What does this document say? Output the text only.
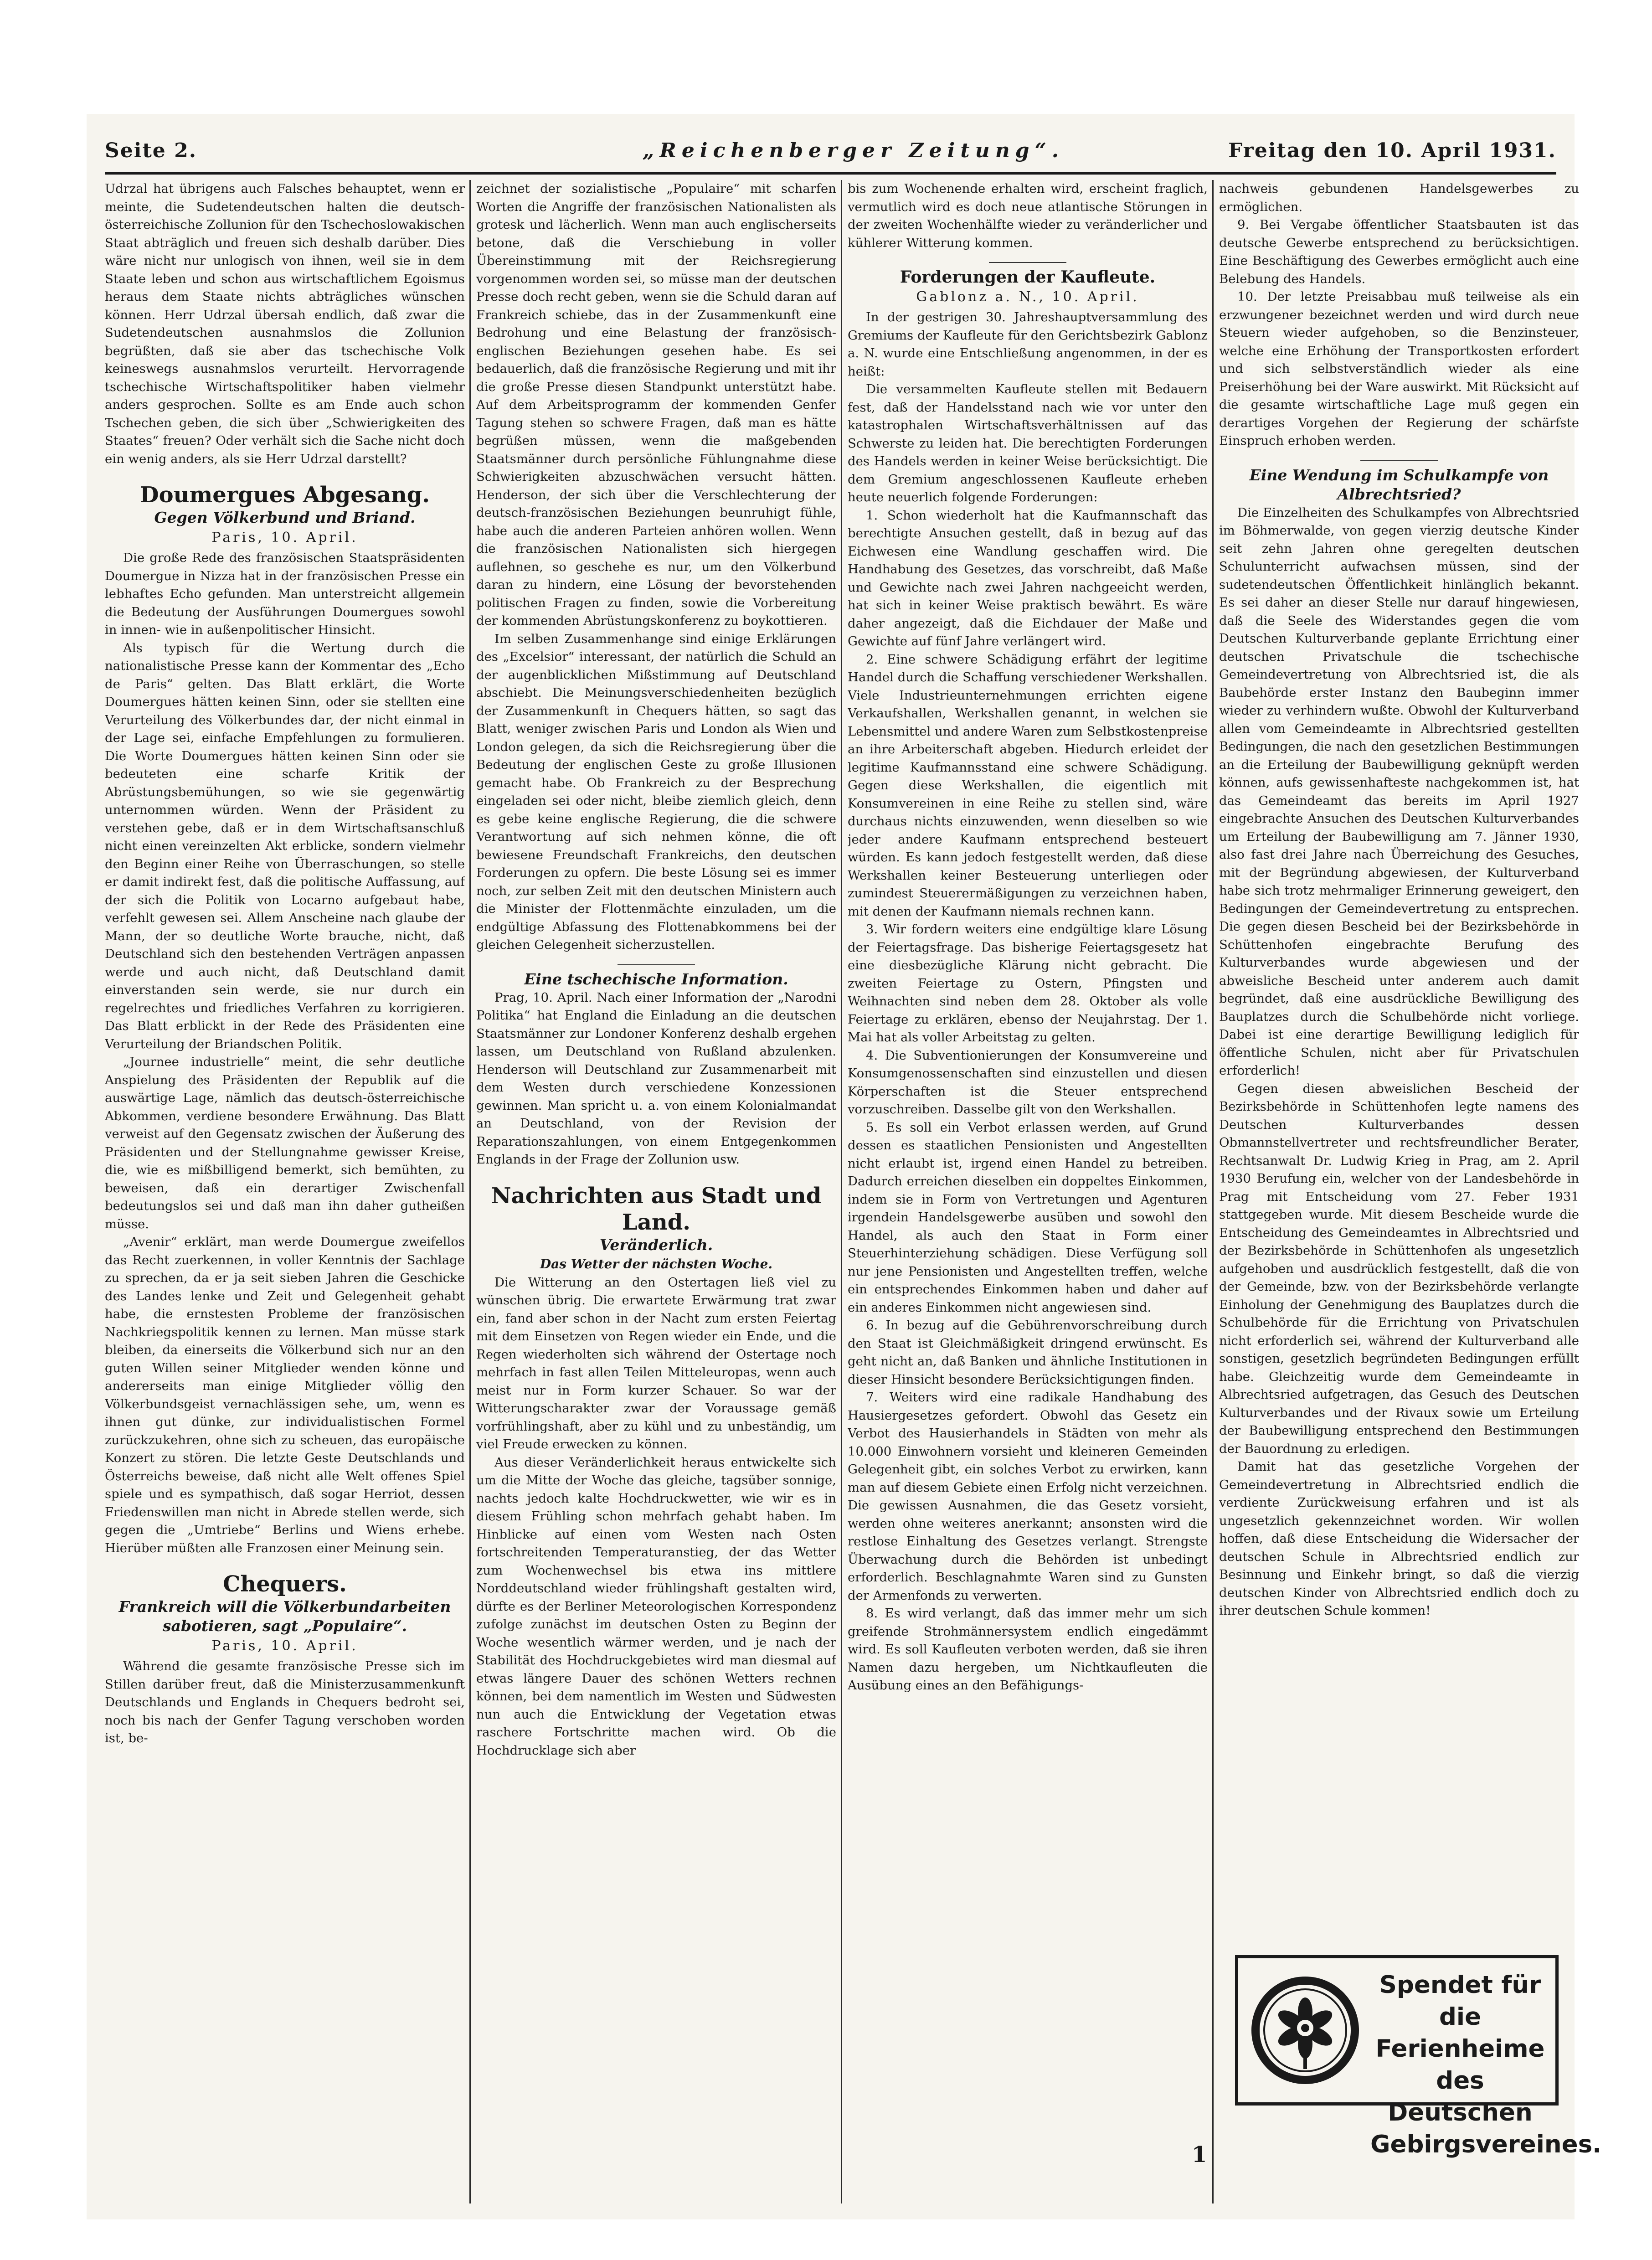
Seite 2.	„Reichenberger Zeitung“.	Freitag den 10. April 1931.

Udrzal hat übrigens auch Falsches behauptet, wenn er meinte, die Sudetendeutschen halten die deutsch-österreichische Zollunion für den Tschechoslowakischen Staat abträglich und freuen sich deshalb darüber. Dies wäre nicht nur unlogisch von ihnen, weil sie in dem Staate leben und schon aus wirtschaftlichem Egoismus heraus dem Staate nichts abträgliches wünschen können. Herr Udrzal übersah endlich, daß zwar die Sudetendeutschen ausnahmslos die Zollunion begrüßten, daß sie aber das tschechische Volk keineswegs ausnahmslos verurteilt. Hervorragende tschechische Wirtschaftspolitiker haben vielmehr anders gesprochen. Sollte es am Ende auch schon Tschechen geben, die sich über „Schwierigkeiten des Staates“ freuen? Oder verhält sich die Sache nicht doch ein wenig anders, als sie Herr Udrzal darstellt?

Doumergues Abgesang.
Gegen Völkerbund und Briand.
Paris, 10. April.

Die große Rede des französischen Staatspräsidenten Doumergue in Nizza hat in der französischen Presse ein lebhaftes Echo gefunden. Man unterstreicht allgemein die Bedeutung der Ausführungen Doumergues sowohl in innen- wie in außenpolitischer Hinsicht.

Als typisch für die Wertung durch die nationalistische Presse kann der Kommentar des „Echo de Paris“ gelten. Das Blatt erklärt, die Worte Doumergues hätten keinen Sinn, oder sie stellten eine Verurteilung des Völkerbundes dar, der nicht einmal in der Lage sei, einfache Empfehlungen zu formulieren. Die Worte Doumergues hätten keinen Sinn oder sie bedeuteten eine scharfe Kritik der Abrüstungsbemühungen, so wie sie gegenwärtig unternommen würden. Wenn der Präsident zu verstehen gebe, daß er in dem Wirtschaftsanschluß nicht einen vereinzelten Akt erblicke, sondern vielmehr den Beginn einer Reihe von Überraschungen, so stelle er damit indirekt fest, daß die politische Auffassung, auf der sich die Politik von Locarno aufgebaut habe, verfehlt gewesen sei. Allem Anscheine nach glaube der Mann, der so deutliche Worte brauche, nicht, daß Deutschland sich den bestehenden Verträgen anpassen werde und auch nicht, daß Deutschland damit einverstanden sein werde, sie nur durch ein regelrechtes und friedliches Verfahren zu korrigieren. Das Blatt erblickt in der Rede des Präsidenten eine Verurteilung der Briandschen Politik.

„Journee industrielle“ meint, die sehr deutliche Anspielung des Präsidenten der Republik auf die auswärtige Lage, nämlich das deutsch-österreichische Abkommen, verdiene besondere Erwähnung. Das Blatt verweist auf den Gegensatz zwischen der Äußerung des Präsidenten und der Stellungnahme gewisser Kreise, die, wie es mißbilligend bemerkt, sich bemühten, zu beweisen, daß ein derartiger Zwischenfall bedeutungslos sei und daß man ihn daher gutheißen müsse.

„Avenir“ erklärt, man werde Doumergue zweifellos das Recht zuerkennen, in voller Kenntnis der Sachlage zu sprechen, da er ja seit sieben Jahren die Geschicke des Landes lenke und Zeit und Gelegenheit gehabt habe, die ernstesten Probleme der französischen Nachkriegspolitik kennen zu lernen. Man müsse stark bleiben, da einerseits die Völkerbund sich nur an den guten Willen seiner Mitglieder wenden könne und andererseits man einige Mitglieder völlig den Völkerbundsgeist vernachlässigen sehe, um, wenn es ihnen gut dünke, zur individualistischen Formel zurückzukehren, ohne sich zu scheuen, das europäische Konzert zu stören. Die letzte Geste Deutschlands und Österreichs beweise, daß nicht alle Welt offenes Spiel spiele und es sympathisch, daß sogar Herriot, dessen Friedenswillen man nicht in Abrede stellen werde, sich gegen die „Umtriebe“ Berlins und Wiens erhebe. Hierüber müßten alle Franzosen einer Meinung sein.

Chequers.
Frankreich will die Völkerbundarbeiten sabotieren, sagt „Populaire“.
Paris, 10. April.

Während die gesamte französische Presse sich im Stillen darüber freut, daß die Ministerzusammenkunft Deutschlands und Englands in Chequers bedroht sei, noch bis nach der Genfer Tagung verschoben worden ist, be-

zeichnet der sozialistische „Populaire“ mit scharfen Worten die Angriffe der französischen Nationalisten als grotesk und lächerlich. Wenn man auch englischerseits betone, daß die Verschiebung in voller Übereinstimmung mit der Reichsregierung vorgenommen worden sei, so müsse man der deutschen Presse doch recht geben, wenn sie die Schuld daran auf Frankreich schiebe, das in der Zusammenkunft eine Bedrohung und eine Belastung der französisch-englischen Beziehungen gesehen habe. Es sei bedauerlich, daß die französische Regierung und mit ihr die große Presse diesen Standpunkt unterstützt habe. Auf dem Arbeitsprogramm der kommenden Genfer Tagung stehen so schwere Fragen, daß man es hätte begrüßen müssen, wenn die maßgebenden Staatsmänner durch persönliche Fühlungnahme diese Schwierigkeiten abzuschwächen versucht hätten. Henderson, der sich über die Verschlechterung der deutsch-französischen Beziehungen beunruhigt fühle, habe auch die anderen Parteien anhören wollen. Wenn die französischen Nationalisten sich hiergegen auflehnen, so geschehe es nur, um den Völkerbund daran zu hindern, eine Lösung der bevorstehenden politischen Fragen zu finden, sowie die Vorbereitung der kommenden Abrüstungskonferenz zu boykottieren.

Im selben Zusammenhange sind einige Erklärungen des „Excelsior“ interessant, der natürlich die Schuld an der augenblicklichen Mißstimmung auf Deutschland abschiebt. Die Meinungsverschiedenheiten bezüglich der Zusammenkunft in Chequers hätten, so sagt das Blatt, weniger zwischen Paris und London als Wien und London gelegen, da sich die Reichsregierung über die Bedeutung der englischen Geste zu große Illusionen gemacht habe. Ob Frankreich zu der Besprechung eingeladen sei oder nicht, bleibe ziemlich gleich, denn es gebe keine englische Regierung, die die schwere Verantwortung auf sich nehmen könne, die oft bewiesene Freundschaft Frankreichs, den deutschen Forderungen zu opfern. Die beste Lösung sei es immer noch, zur selben Zeit mit den deutschen Ministern auch die Minister der Flottenmächte einzuladen, um die endgültige Abfassung des Flottenabkommens bei der gleichen Gelegenheit sicherzustellen.

Eine tschechische Information.

Prag, 10. April. Nach einer Information der „Narodni Politika“ hat England die Einladung an die deutschen Staatsmänner zur Londoner Konferenz deshalb ergehen lassen, um Deutschland von Rußland abzulenken. Henderson will Deutschland zur Zusammenarbeit mit dem Westen durch verschiedene Konzessionen gewinnen. Man spricht u. a. von einem Kolonialmandat an Deutschland, von der Revision der Reparationszahlungen, von einem Entgegenkommen Englands in der Frage der Zollunion usw.

Nachrichten aus Stadt und Land.
Veränderlich.
Das Wetter der nächsten Woche.

Die Witterung an den Ostertagen ließ viel zu wünschen übrig. Die erwartete Erwärmung trat zwar ein, fand aber schon in der Nacht zum ersten Feiertag mit dem Einsetzen von Regen wieder ein Ende, und die Regen wiederholten sich während der Ostertage noch mehrfach in fast allen Teilen Mitteleuropas, wenn auch meist nur in Form kurzer Schauer. So war der Witterungscharakter zwar der Voraussage gemäß vorfrühlingshaft, aber zu kühl und zu unbeständig, um viel Freude erwecken zu können.

Aus dieser Veränderlichkeit heraus entwickelte sich um die Mitte der Woche das gleiche, tagsüber sonnige, nachts jedoch kalte Hochdruckwetter, wie wir es in diesem Frühling schon mehrfach gehabt haben. Im Hinblicke auf einen vom Westen nach Osten fortschreitenden Temperaturanstieg, der das Wetter zum Wochenwechsel bis etwa ins mittlere Norddeutschland wieder frühlingshaft gestalten wird, dürfte es der Berliner Meteorologischen Korrespondenz zufolge zunächst im deutschen Osten zu Beginn der Woche wesentlich wärmer werden, und je nach der Stabilität des Hochdruckgebietes wird man diesmal auf etwas längere Dauer des schönen Wetters rechnen können, bei dem namentlich im Westen und Südwesten nun auch die Entwicklung der Vegetation etwas raschere Fortschritte machen wird. Ob die Hochdrucklage sich aber

bis zum Wochenende erhalten wird, erscheint fraglich, vermutlich wird es doch neue atlantische Störungen in der zweiten Wochenhälfte wieder zu veränderlicher und kühlerer Witterung kommen.

Forderungen der Kaufleute.
Gablonz a. N., 10. April.

In der gestrigen 30. Jahreshauptversammlung des Gremiums der Kaufleute für den Gerichtsbezirk Gablonz a. N. wurde eine Entschließung angenommen, in der es heißt:

Die versammelten Kaufleute stellen mit Bedauern fest, daß der Handelsstand nach wie vor unter den katastrophalen Wirtschaftsverhältnissen auf das Schwerste zu leiden hat. Die berechtigten Forderungen des Handels werden in keiner Weise berücksichtigt. Die dem Gremium angeschlossenen Kaufleute erheben heute neuerlich folgende Forderungen:

1. Schon wiederholt hat die Kaufmannschaft das berechtigte Ansuchen gestellt, daß in bezug auf das Eichwesen eine Wandlung geschaffen wird. Die Handhabung des Gesetzes, das vorschreibt, daß Maße und Gewichte nach zwei Jahren nachgeeicht werden, hat sich in keiner Weise praktisch bewährt. Es wäre daher angezeigt, daß die Eichdauer der Maße und Gewichte auf fünf Jahre verlängert wird.

2. Eine schwere Schädigung erfährt der legitime Handel durch die Schaffung verschiedener Werkshallen. Viele Industrieunternehmungen errichten eigene Verkaufshallen, Werkshallen genannt, in welchen sie Lebensmittel und andere Waren zum Selbstkostenpreise an ihre Arbeiterschaft abgeben. Hiedurch erleidet der legitime Kaufmannsstand eine schwere Schädigung. Gegen diese Werkshallen, die eigentlich mit Konsumvereinen in eine Reihe zu stellen sind, wäre durchaus nichts einzuwenden, wenn dieselben so wie jeder andere Kaufmann entsprechend besteuert würden. Es kann jedoch festgestellt werden, daß diese Werkshallen keiner Besteuerung unterliegen oder zumindest Steuerermäßigungen zu verzeichnen haben, mit denen der Kaufmann niemals rechnen kann.

3. Wir fordern weiters eine endgültige klare Lösung der Feiertagsfrage. Das bisherige Feiertagsgesetz hat eine diesbezügliche Klärung nicht gebracht. Die zweiten Feiertage zu Ostern, Pfingsten und Weihnachten sind neben dem 28. Oktober als volle Feiertage zu erklären, ebenso der Neujahrstag. Der 1. Mai hat als voller Arbeitstag zu gelten.

4. Die Subventionierungen der Konsumvereine und Konsumgenossenschaften sind einzustellen und diesen Körperschaften ist die Steuer entsprechend vorzuschreiben. Dasselbe gilt von den Werkshallen.

5. Es soll ein Verbot erlassen werden, auf Grund dessen es staatlichen Pensionisten und Angestellten nicht erlaubt ist, irgend einen Handel zu betreiben. Dadurch erreichen dieselben ein doppeltes Einkommen, indem sie in Form von Vertretungen und Agenturen irgendein Handelsgewerbe ausüben und sowohl den Handel, als auch den Staat in Form einer Steuerhinterziehung schädigen. Diese Verfügung soll nur jene Pensionisten und Angestellten treffen, welche ein entsprechendes Einkommen haben und daher auf ein anderes Einkommen nicht angewiesen sind.

6. In bezug auf die Gebührenvorschreibung durch den Staat ist Gleichmäßigkeit dringend erwünscht. Es geht nicht an, daß Banken und ähnliche Institutionen in dieser Hinsicht besondere Berücksichtigungen finden.

7. Weiters wird eine radikale Handhabung des Hausiergesetzes gefordert. Obwohl das Gesetz ein Verbot des Hausierhandels in Städten von mehr als 10.000 Einwohnern vorsieht und kleineren Gemeinden Gelegenheit gibt, ein solches Verbot zu erwirken, kann man auf diesem Gebiete einen Erfolg nicht verzeichnen. Die gewissen Ausnahmen, die das Gesetz vorsieht, werden ohne weiteres anerkannt; ansonsten wird die restlose Einhaltung des Gesetzes verlangt. Strengste Überwachung durch die Behörden ist unbedingt erforderlich. Beschlagnahmte Waren sind zu Gunsten der Armenfonds zu verwerten.

8. Es wird verlangt, daß das immer mehr um sich greifende Strohmännersystem endlich eingedämmt wird. Es soll Kaufleuten verboten werden, daß sie ihren Namen dazu hergeben, um Nichtkaufleuten die Ausübung eines an den Befähigungs-

nachweis gebundenen Handelsgewerbes zu ermöglichen.

9. Bei Vergabe öffentlicher Staatsbauten ist das deutsche Gewerbe entsprechend zu berücksichtigen. Eine Beschäftigung des Gewerbes ermöglicht auch eine Belebung des Handels.

10. Der letzte Preisabbau muß teilweise als ein erzwungener bezeichnet werden und wird durch neue Steuern wieder aufgehoben, so die Benzinsteuer, welche eine Erhöhung der Transportkosten erfordert und sich selbstverständlich wieder als eine Preiserhöhung bei der Ware auswirkt. Mit Rücksicht auf die gesamte wirtschaftliche Lage muß gegen ein derartiges Vorgehen der Regierung der schärfste Einspruch erhoben werden.

Eine Wendung im Schulkampfe von Albrechtsried?

Die Einzelheiten des Schulkampfes von Albrechtsried im Böhmerwalde, von gegen vierzig deutsche Kinder seit zehn Jahren ohne geregelten deutschen Schulunterricht aufwachsen müssen, sind der sudetendeutschen Öffentlichkeit hinlänglich bekannt. Es sei daher an dieser Stelle nur darauf hingewiesen, daß die Seele des Widerstandes gegen die vom Deutschen Kulturverbande geplante Errichtung einer deutschen Privatschule die tschechische Gemeindevertretung von Albrechtsried ist, die als Baubehörde erster Instanz den Baubeginn immer wieder zu verhindern wußte. Obwohl der Kulturverband allen vom Gemeindeamte in Albrechtsried gestellten Bedingungen, die nach den gesetzlichen Bestimmungen an die Erteilung der Baubewilligung geknüpft werden können, aufs gewissenhafteste nachgekommen ist, hat das Gemeindeamt das bereits im April 1927 eingebrachte Ansuchen des Deutschen Kulturverbandes um Erteilung der Baubewilligung am 7. Jänner 1930, also fast drei Jahre nach Überreichung des Gesuches, mit der Begründung abgewiesen, der Kulturverband habe sich trotz mehrmaliger Erinnerung geweigert, den Bedingungen der Gemeindevertretung zu entsprechen. Die gegen diesen Bescheid bei der Bezirksbehörde in Schüttenhofen eingebrachte Berufung des Kulturverbandes wurde abgewiesen und der abweisliche Bescheid unter anderem auch damit begründet, daß eine ausdrückliche Bewilligung des Bauplatzes durch die Schulbehörde nicht vorliege. Dabei ist eine derartige Bewilligung lediglich für öffentliche Schulen, nicht aber für Privatschulen erforderlich!

Gegen diesen abweislichen Bescheid der Bezirksbehörde in Schüttenhofen legte namens des Deutschen Kulturverbandes dessen Obmannstellvertreter und rechtsfreundlicher Berater, Rechtsanwalt Dr. Ludwig Krieg in Prag, am 2. April 1930 Berufung ein, welcher von der Landesbehörde in Prag mit Entscheidung vom 27. Feber 1931 stattgegeben wurde. Mit diesem Bescheide wurde die Entscheidung des Gemeindeamtes in Albrechtsried und der Bezirksbehörde in Schüttenhofen als ungesetzlich aufgehoben und ausdrücklich festgestellt, daß die von der Gemeinde, bzw. von der Bezirksbehörde verlangte Einholung der Genehmigung des Bauplatzes durch die Schulbehörde für die Errichtung von Privatschulen nicht erforderlich sei, während der Kulturverband alle sonstigen, gesetzlich begründeten Bedingungen erfüllt habe. Gleichzeitig wurde dem Gemeindeamte in Albrechtsried aufgetragen, das Gesuch des Deutschen Kulturverbandes und der Rivaux sowie um Erteilung der Baubewilligung entsprechend den Bestimmungen der Bauordnung zu erledigen.

Damit hat das gesetzliche Vorgehen der Gemeindevertretung in Albrechtsried endlich die verdiente Zurückweisung erfahren und ist als ungesetzlich gekennzeichnet worden. Wir wollen hoffen, daß diese Entscheidung die Widersacher der deutschen Schule in Albrechtsried endlich zur Besinnung und Einkehr bringt, so daß die vierzig deutschen Kinder von Albrechtsried endlich doch zu ihrer deutschen Schule kommen!

Spendet für die
Ferienheime
des Deutschen
Gebirgsvereines.
1
